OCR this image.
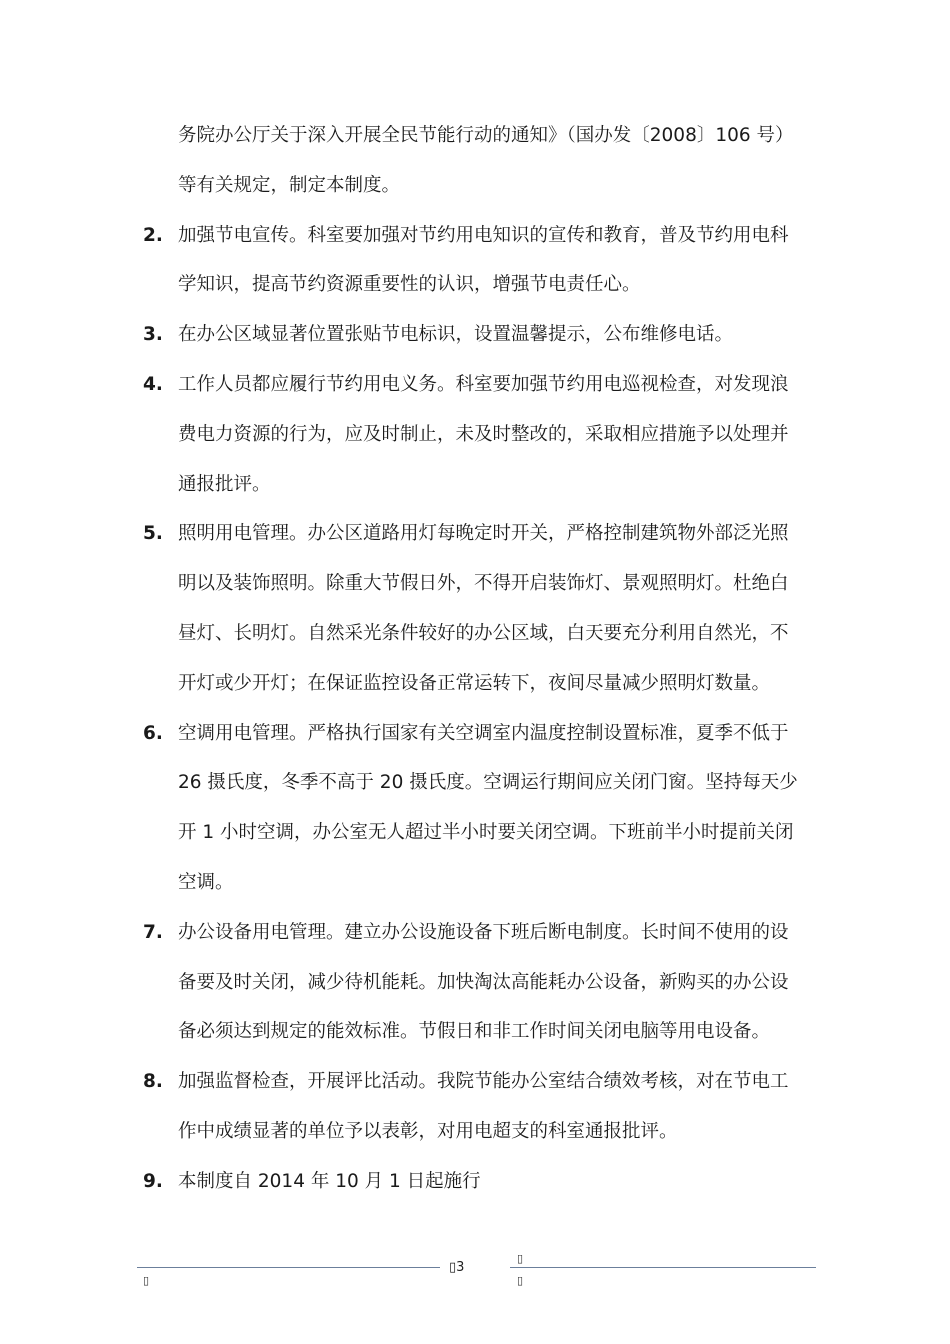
务院办公厅关于深入开展全民节能行动的通知》（国办发〔2008〕106 号）
等有关规定，制定本制度。
2. 加强节电宣传。科室要加强对节约用电知识的宣传和教育，普及节约用电科
学知识，提高节约资源重要性的认识，增强节电责任心。
3. 在办公区域显著位置张贴节电标识，设置温馨提示，公布维修电话。
4. 工作人员都应履行节约用电义务。科室要加强节约用电巡视检查，对发现浪
费电力资源的行为，应及时制止，未及时整改的，采取相应措施予以处理并
通报批评。
5. 照明用电管理。办公区道路用灯每晚定时开关，严格控制建筑物外部泛光照
明以及装饰照明。除重大节假日外，不得开启装饰灯、景观照明灯。杜绝白
昼灯、长明灯。自然采光条件较好的办公区域，白天要充分利用自然光，不
开灯或少开灯；在保证监控设备正常运转下，夜间尽量减少照明灯数量。
6. 空调用电管理。严格执行国家有关空调室内温度控制设置标准，夏季不低于
26 摄氏度，冬季不高于 20 摄氏度。空调运行期间应关闭门窗。坚持每天少
开 1 小时空调，办公室无人超过半小时要关闭空调。下班前半小时提前关闭
空调。
7. 办公设备用电管理。建立办公设施设备下班后断电制度。长时间不使用的设
备要及时关闭，减少待机能耗。加快淘汰高能耗办公设备，新购买的办公设
备必须达到规定的能效标准。节假日和非工作时间关闭电脑等用电设备。
8. 加强监督检查，开展评比活动。我院节能办公室结合绩效考核，对在节电工
作中成绩显著的单位予以表彰，对用电超支的科室通报批评。
9. 本制度自 2014 年 10 月 1 日起施行
▯
▯
▯
▯3
